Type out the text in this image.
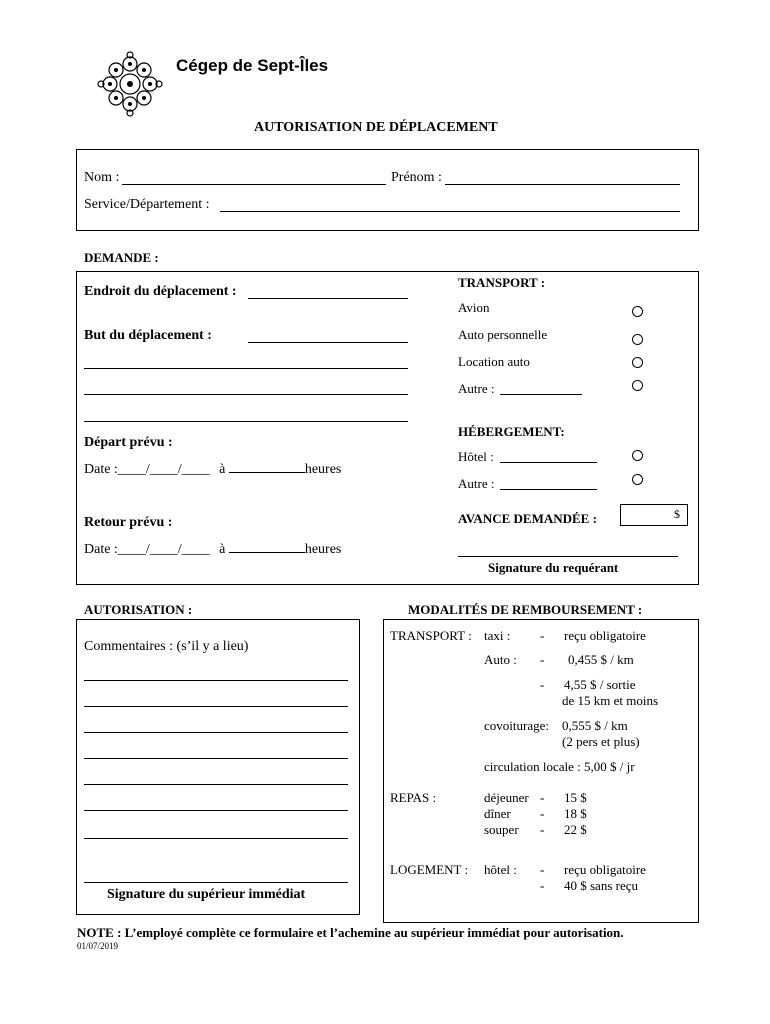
Cégep de Sept-Îles
AUTORISATION DE DÉPLACEMENT
Nom :	Prénom :
Service/Département :
DEMANDE :
Endroit du déplacement :
But du déplacement :
Départ prévu :
Date :____/____/____ à	heures
Retour prévu :
Date :____/____/____ à	heures
TRANSPORT :
Avion
Auto personnelle
Location auto
Autre :
HÉBERGEMENT:
Hôtel :
Autre :
AVANCE DEMANDÉE :	$
Signature du requérant
AUTORISATION :
Commentaires : (s’il y a lieu)
Signature du supérieur immédiat
MODALITÉS DE REMBOURSEMENT :
TRANSPORT : taxi : - reçu obligatoire
Auto : - 0,455 $ / km
- 4,55 $ / sortie
de 15 km et moins
covoiturage: 0,555 $ / km
(2 pers et plus)
circulation locale : 5,00 $ / jr
REPAS :	déjeuner - 15 $
dîner - 18 $
souper - 22 $
LOGEMENT : hôtel : - reçu obligatoire
- 40 $ sans reçu
NOTE : L’employé complète ce formulaire et l’achemine au supérieur immédiat pour autorisation.
01/07/2019
